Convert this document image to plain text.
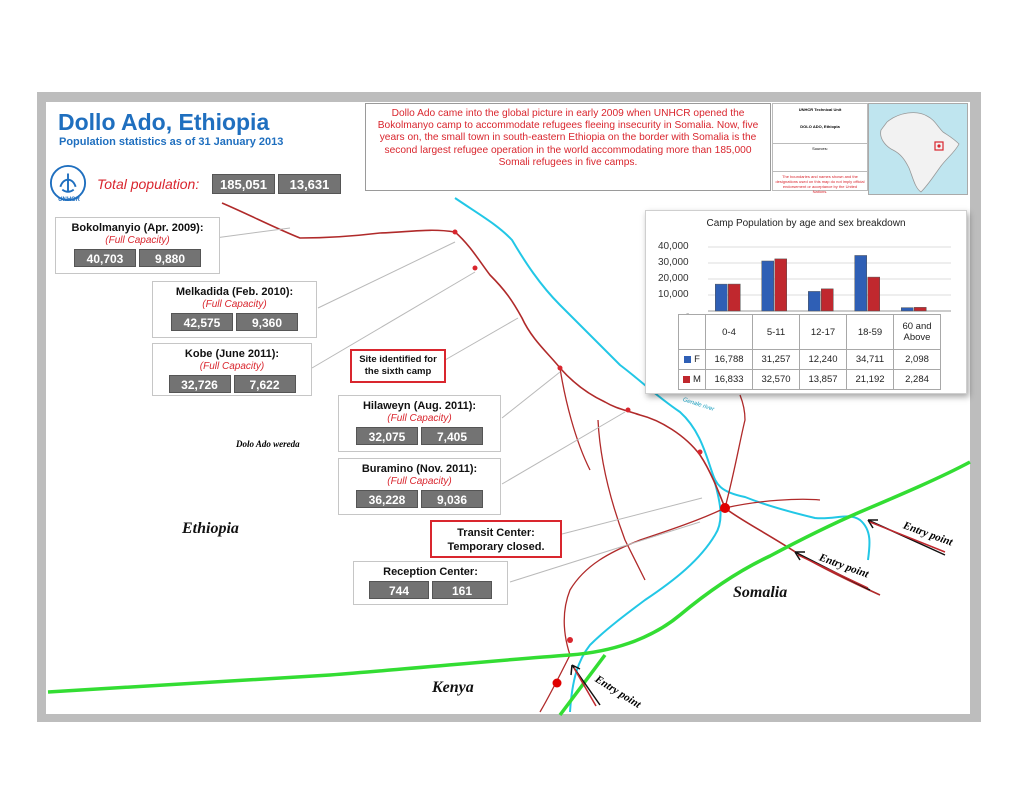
Dollo Ado, Ethiopia
Population statistics as of 31 January 2013
UNHCR
Total population:	185,051	13,631
Dollo Ado came into the global picture in early 2009 when UNHCR opened the Bokolmanyo camp to accommodate refugees fleeing insecurity in Somalia. Now, five years on, the small town in south-eastern Ethiopia on the border with Somalia is the second largest refugee operation in the world accommodating more than 185,000 Somali refugees in five camps.
UNHCR Technical Unit
DOLO ADO, Ethiopia
Sources:
The boundaries and names shown and the designations used on this map do not imply official endorsement or acceptance by the United Nations.
Bokolmanyio (Apr. 2009):
(Full Capacity)
40,703	9,880
Melkadida (Feb. 2010):
(Full Capacity)
42,575	9,360
Kobe (June 2011):
(Full Capacity)
32,726	7,622
Hilaweyn (Aug. 2011):
(Full Capacity)
32,075	7,405
Buramino (Nov. 2011):
(Full Capacity)
36,228	9,036
Reception Center:
744	161
Site identified for the sixth camp
Transit Center: Temporary closed.
Ethiopia
Somalia
Kenya
Dolo Ado wereda
Entry point
Entry point
Entry point
Genale river
Camp Population by age and sex breakdown
40,000
30,000
20,000
10,000
-
	0-4	5-11	12-17	18-59	60 and Above
F	16,788	31,257	12,240	34,711	2,098
M	16,833	32,570	13,857	21,192	2,284
